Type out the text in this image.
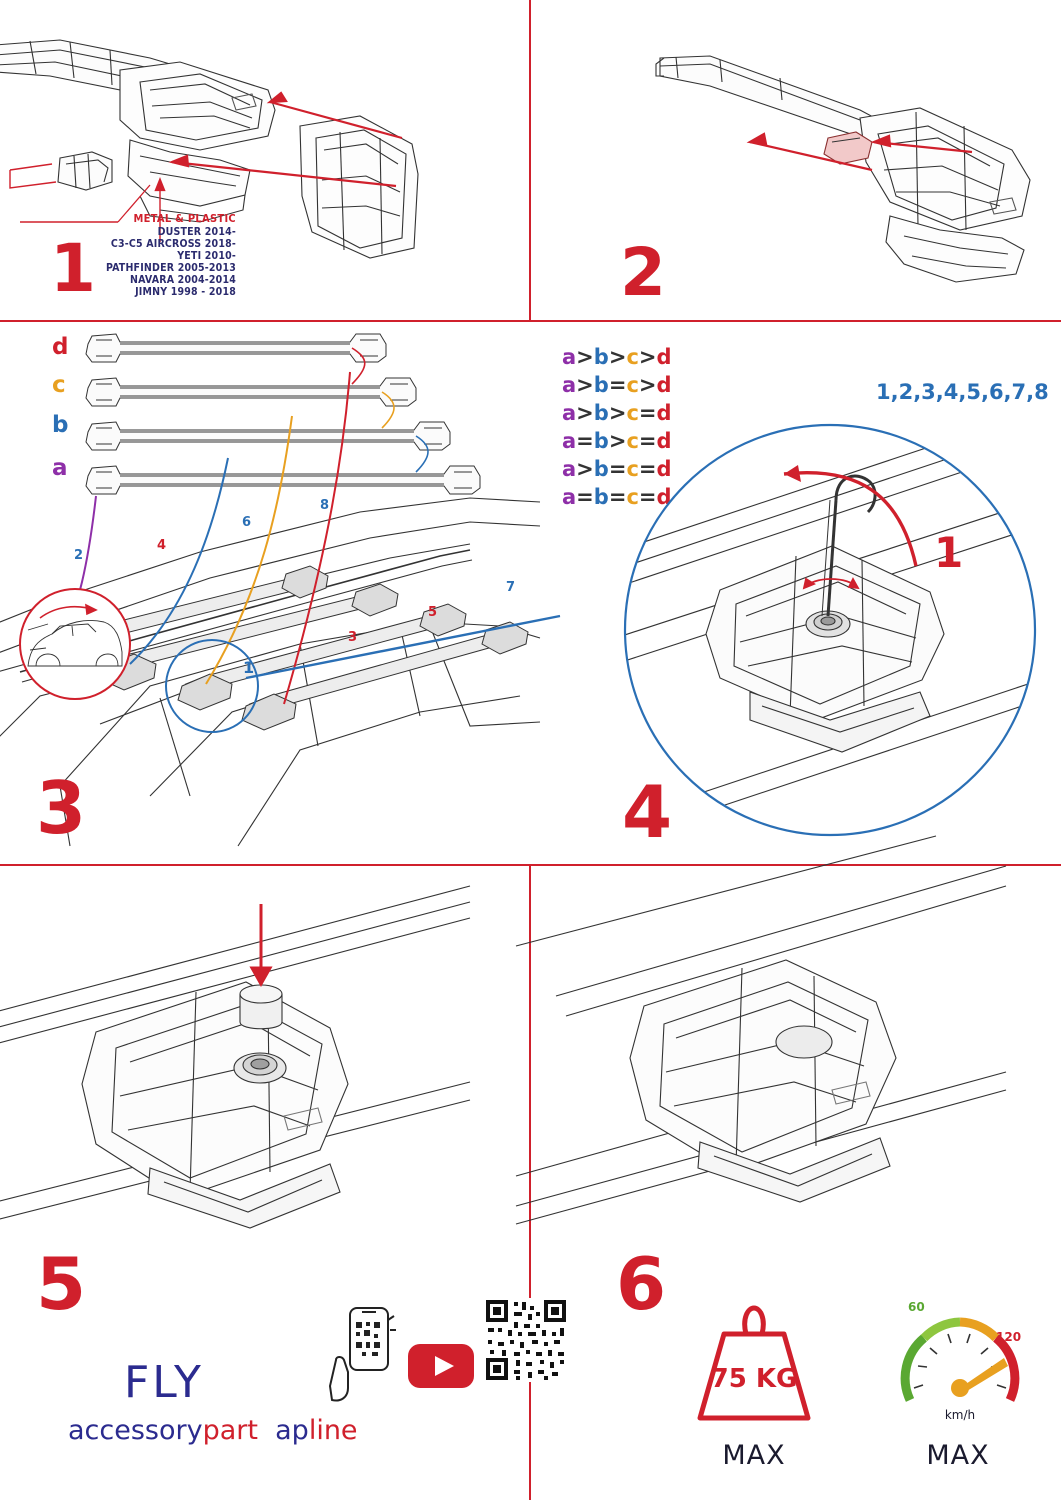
METAL & PLASTIC
DUSTER 2014-
C3-C5 AIRCROSS 2018-
YETI 2010-
PATHFINDER 2005-2013
NAVARA 2004-2014
JIMNY 1998 - 2018
1	2
d
c
b
a
2
4
6
8
7
5
3
1
3
a>b>c>d
a>b=c>d
a>b>c=d
a=b>c=d
a>b=c=d
a=b=c=d
1,2,3,4,5,6,7,8
1
4
5	6
FLY
accessorypart apline
75 KG
MAX
60
120
km/h
MAX
